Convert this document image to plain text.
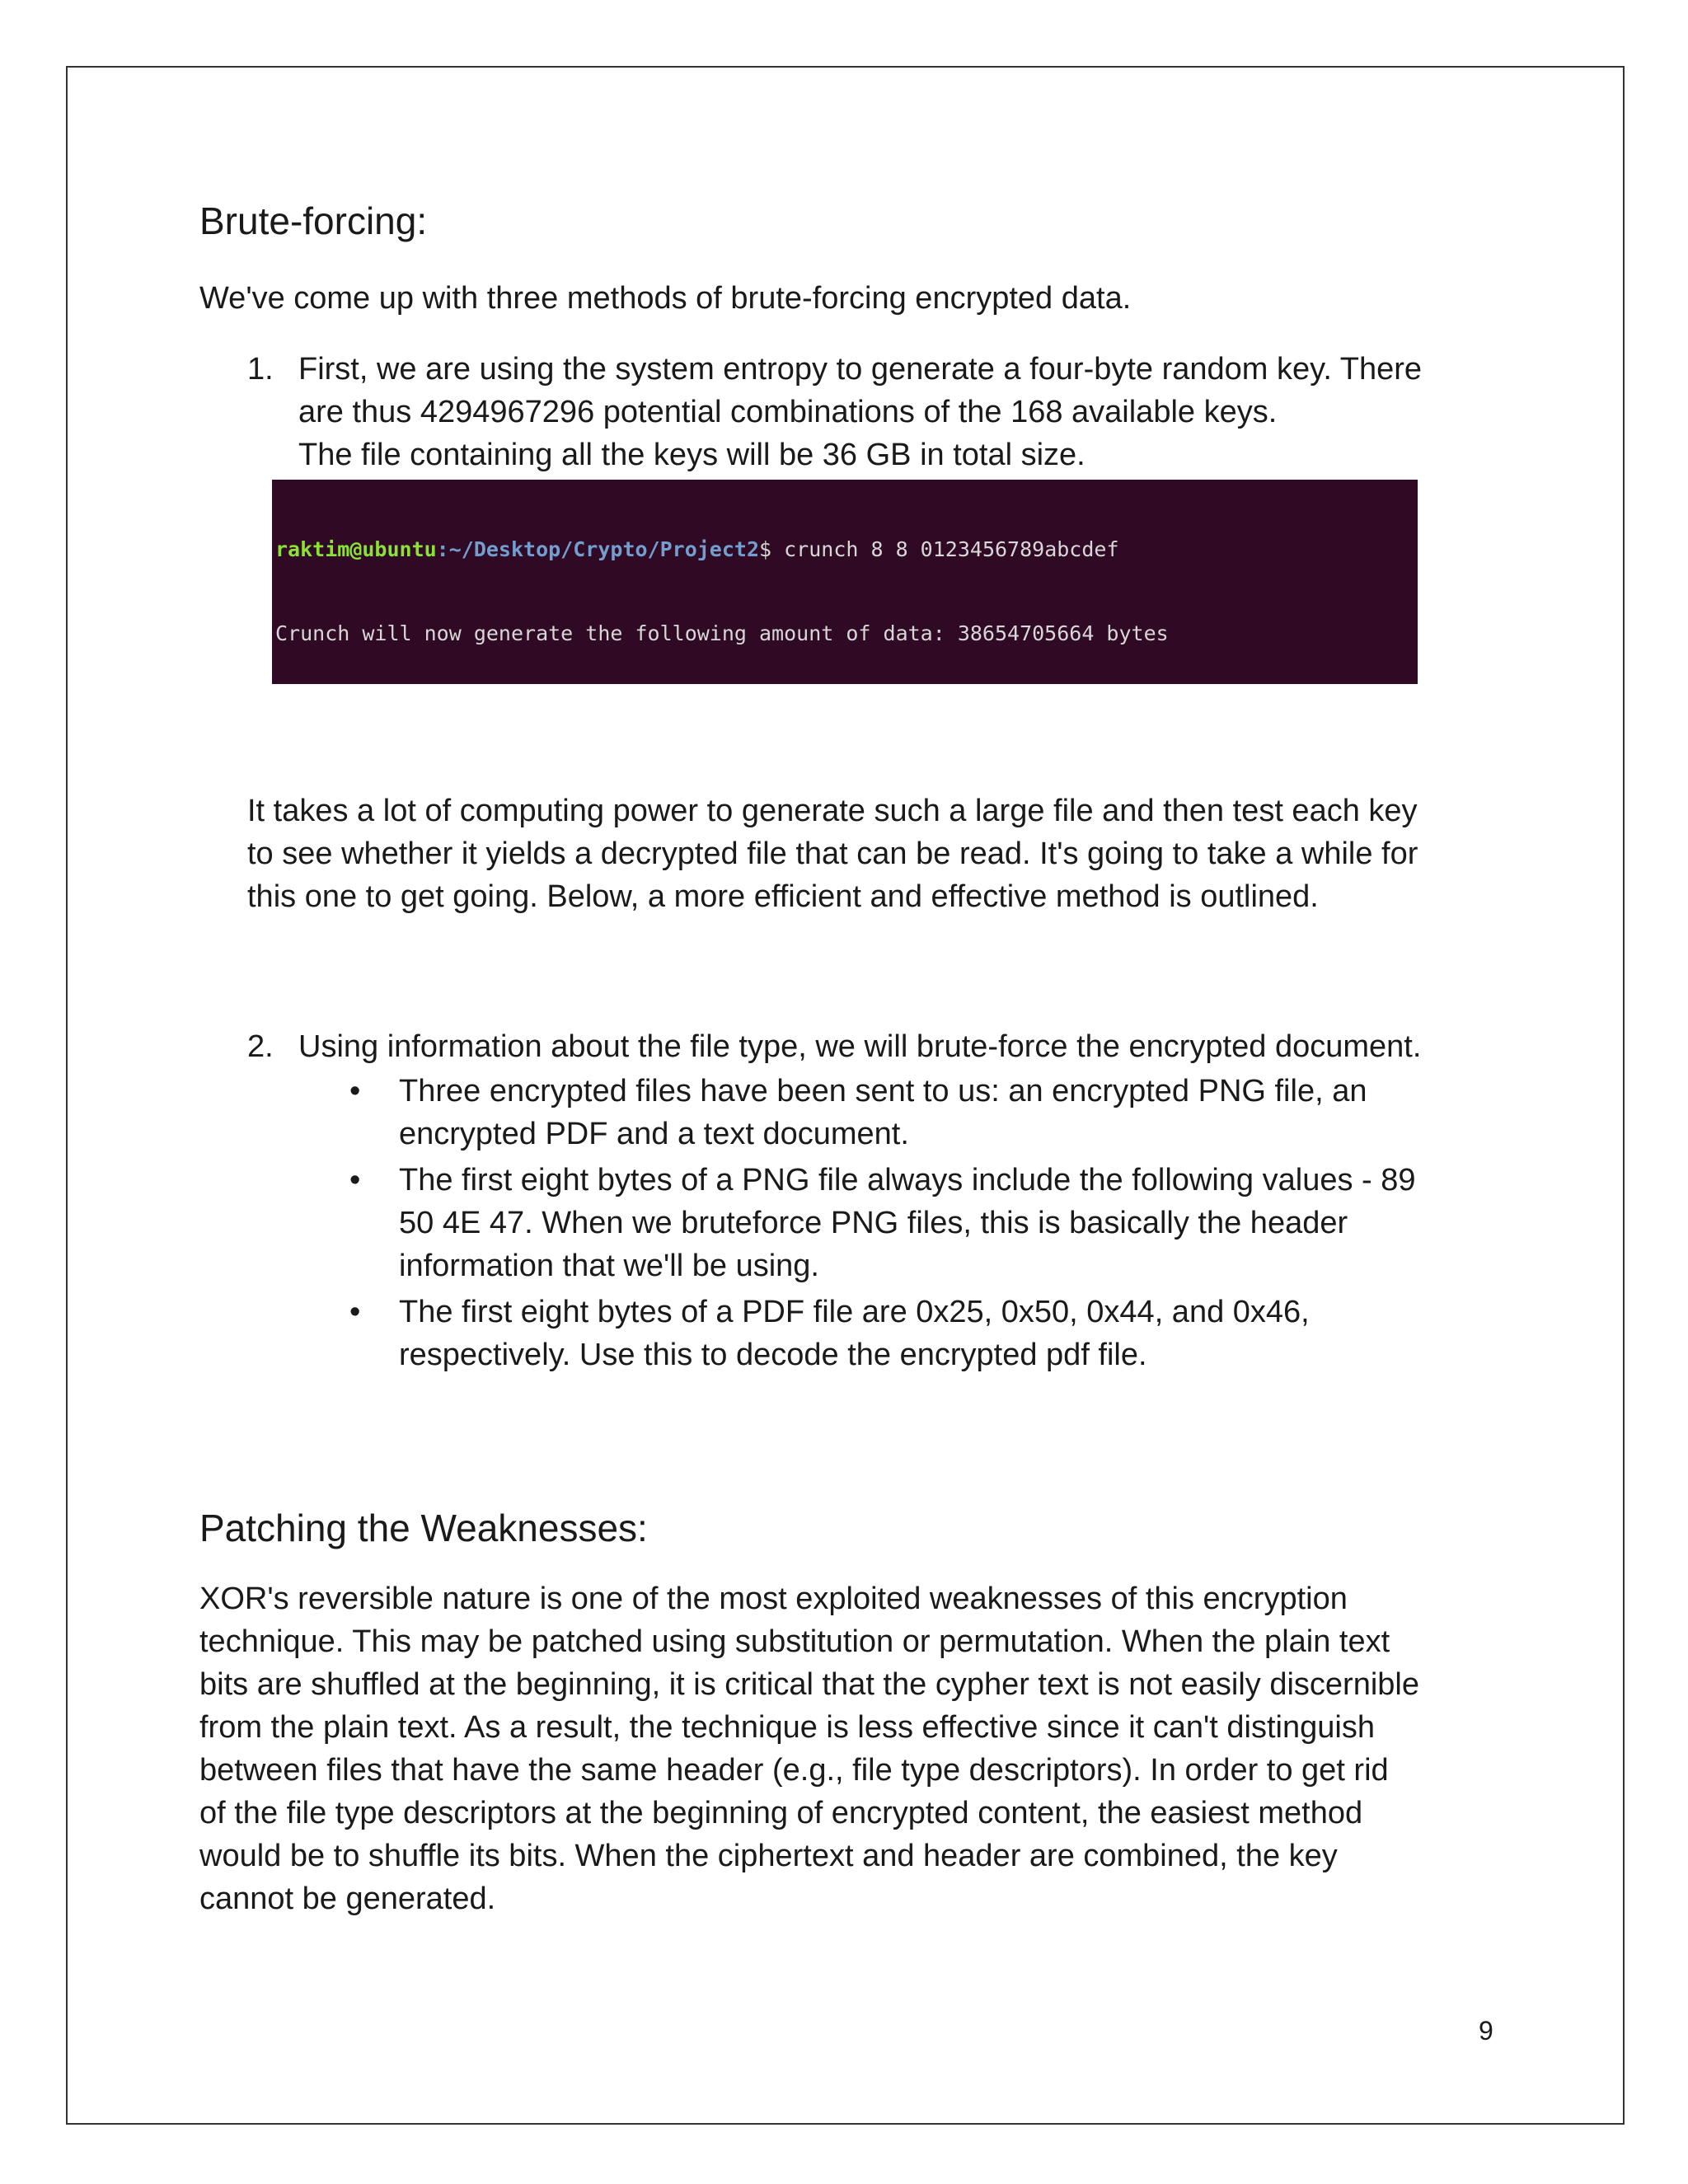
Brute-forcing:

We've come up with three methods of brute-forcing encrypted data.

1. First, we are using the system entropy to generate a four-byte random key. There
are thus 4294967296 potential combinations of the 168 available keys.
The file containing all the keys will be 36 GB in total size.

raktim@ubuntu:~/Desktop/Crypto/Project2$ crunch 8 8 0123456789abcdef

Crunch will now generate the following amount of data: 38654705664 bytes

It takes a lot of computing power to generate such a large file and then test each key
to see whether it yields a decrypted file that can be read. It's going to take a while for
this one to get going. Below, a more efficient and effective method is outlined.
2. Using information about the file type, we will brute-force the encrypted document.

•	Three encrypted files have been sent to us: an encrypted PNG file, an
encrypted PDF and a text document.
•	The first eight bytes of a PNG file always include the following values - 89
50 4E 47. When we bruteforce PNG files, this is basically the header
information that we'll be using.
•	The first eight bytes of a PDF file are 0x25, 0x50, 0x44, and 0x46,
respectively. Use this to decode the encrypted pdf file.
Patching the Weaknesses:
XOR's reversible nature is one of the most exploited weaknesses of this encryption
technique. This may be patched using substitution or permutation. When the plain text
bits are shuffled at the beginning, it is critical that the cypher text is not easily discernible
from the plain text. As a result, the technique is less effective since it can't distinguish
between files that have the same header (e.g., file type descriptors). In order to get rid
of the file type descriptors at the beginning of encrypted content, the easiest method
would be to shuffle its bits. When the ciphertext and header are combined, the key
cannot be generated.
9
